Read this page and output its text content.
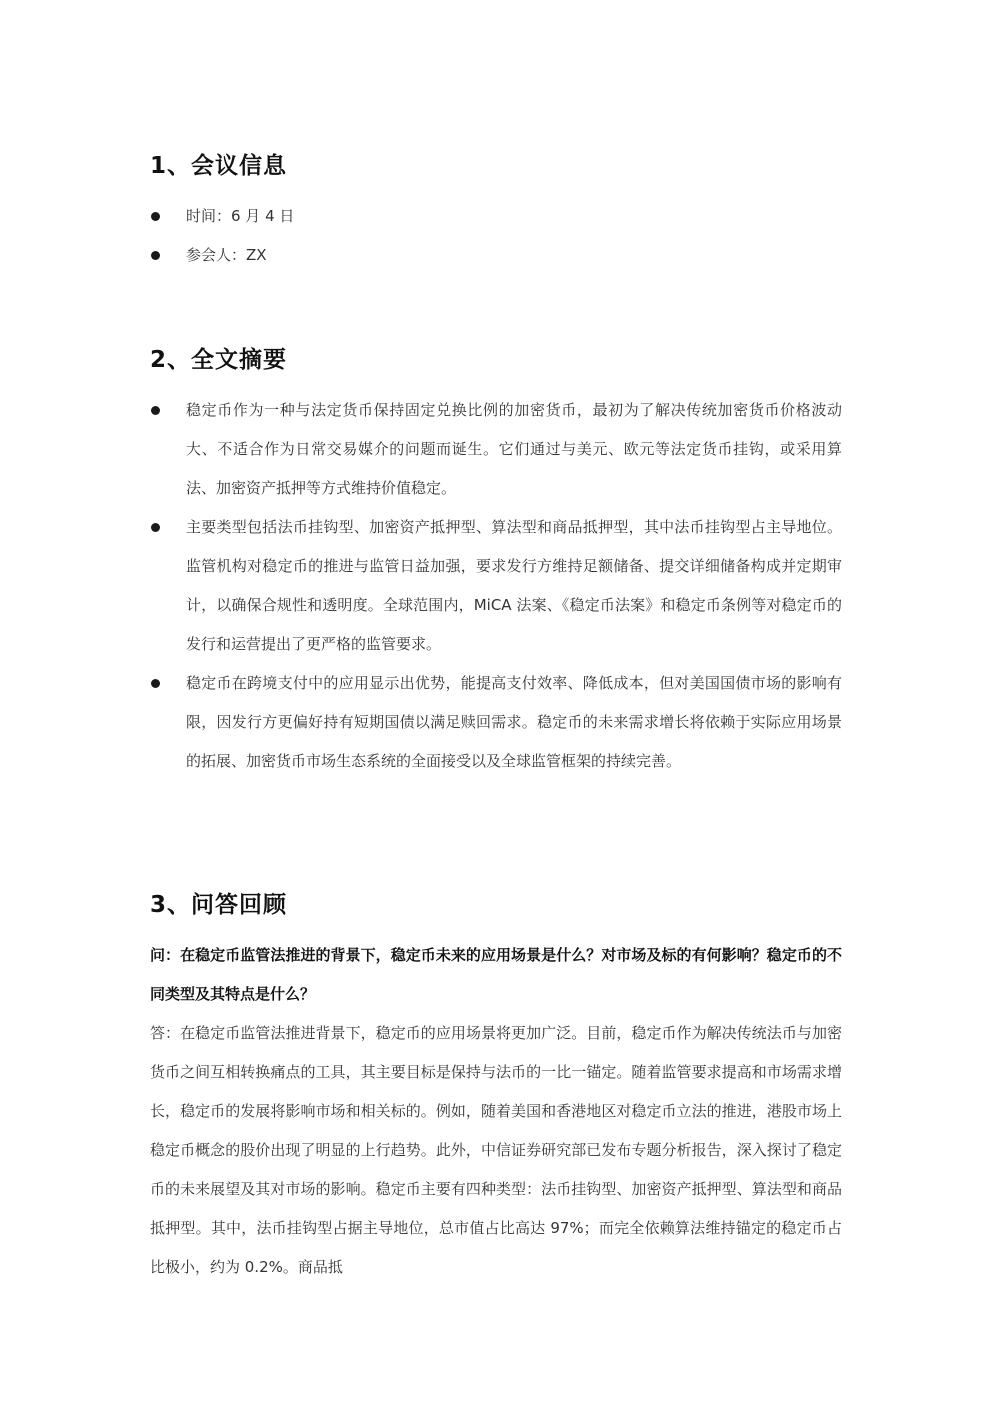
1、会议信息
时间：6 月 4 日
参会人：ZX
2、全文摘要
稳定币作为一种与法定货币保持固定兑换比例的加密货币，最初为了解决传统加密货币价格波动大、不适合作为日常交易媒介的问题而诞生。它们通过与美元、欧元等法定货币挂钩，或采用算法、加密资产抵押等方式维持价值稳定。
主要类型包括法币挂钩型、加密资产抵押型、算法型和商品抵押型，其中法币挂钩型占主导地位。监管机构对稳定币的推进与监管日益加强，要求发行方维持足额储备、提交详细储备构成并定期审计，以确保合规性和透明度。全球范围内，MiCA 法案、《稳定币法案》和稳定币条例等对稳定币的发行和运营提出了更严格的监管要求。
稳定币在跨境支付中的应用显示出优势，能提高支付效率、降低成本，但对美国国债市场的影响有限，因发行方更偏好持有短期国债以满足赎回需求。稳定币的未来需求增长将依赖于实际应用场景的拓展、加密货币市场生态系统的全面接受以及全球监管框架的持续完善。
3、问答回顾

问：在稳定币监管法推进的背景下，稳定币未来的应用场景是什么？对市场及标的有何影响？稳定币的不同类型及其特点是什么？

答：在稳定币监管法推进背景下，稳定币的应用场景将更加广泛。目前，稳定币作为解决传统法币与加密货币之间互相转换痛点的工具，其主要目标是保持与法币的一比一锚定。随着监管要求提高和市场需求增长，稳定币的发展将影响市场和相关标的。例如，随着美国和香港地区对稳定币立法的推进，港股市场上稳定币概念的股价出现了明显的上行趋势。此外，中信证券研究部已发布专题分析报告，深入探讨了稳定币的未来展望及其对市场的影响。稳定币主要有四种类型：法币挂钩型、加密资产抵押型、算法型和商品抵押型。其中，法币挂钩型占据主导地位，总市值占比高达 97%；而完全依赖算法维持锚定的稳定币占比极小，约为 0.2%。商品抵
